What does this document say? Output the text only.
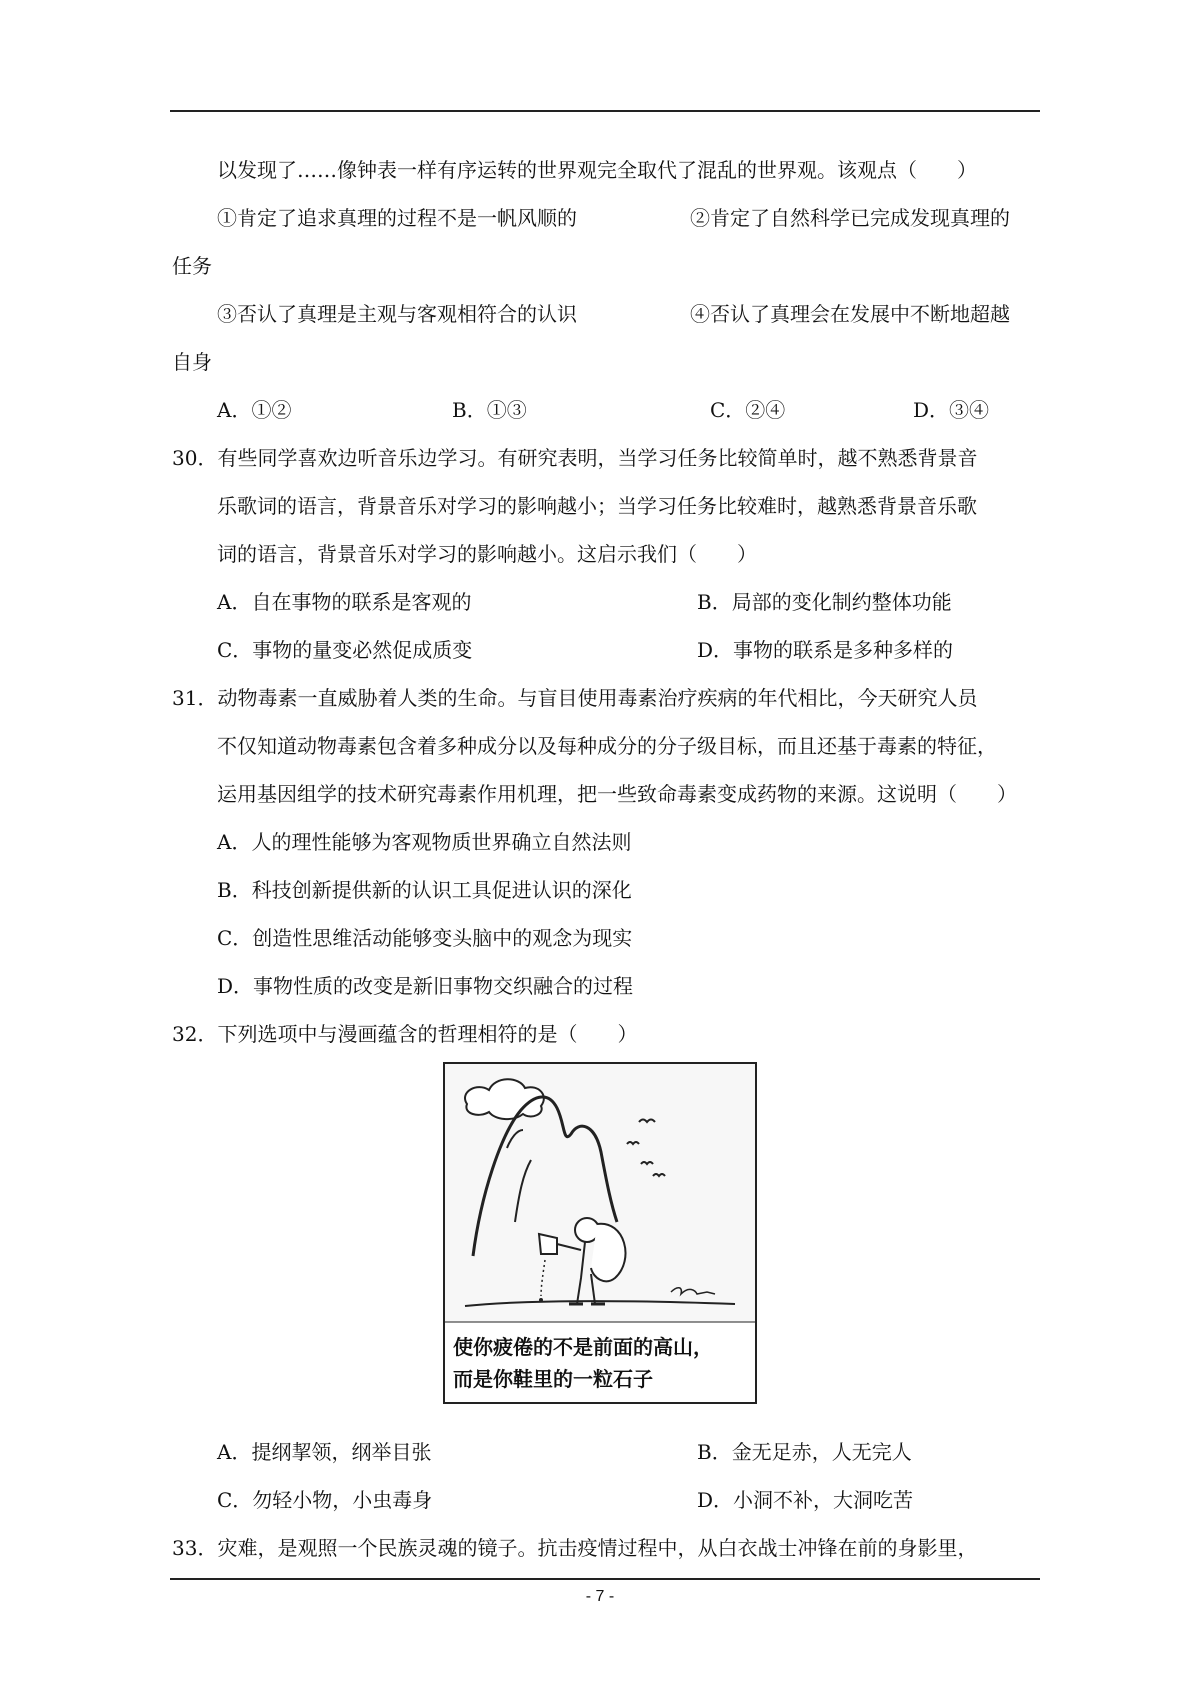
以发现了……像钟表一样有序运转的世界观完全取代了混乱的世界观。该观点（　　）
①肯定了追求真理的过程不是一帆风顺的	②肯定了自然科学已完成发现真理的
任务
③否认了真理是主观与客观相符合的认识	④否认了真理会在发展中不断地超越
自身
A．①②	B．①③	C．②④	D．③④
30．有些同学喜欢边听音乐边学习。有研究表明，当学习任务比较简单时，越不熟悉背景音
乐歌词的语言，背景音乐对学习的影响越小；当学习任务比较难时，越熟悉背景音乐歌
词的语言，背景音乐对学习的影响越小。这启示我们（　　）
A．自在事物的联系是客观的	B．局部的变化制约整体功能
C．事物的量变必然促成质变	D．事物的联系是多种多样的
31．动物毒素一直威胁着人类的生命。与盲目使用毒素治疗疾病的年代相比，今天研究人员
不仅知道动物毒素包含着多种成分以及每种成分的分子级目标，而且还基于毒素的特征，
运用基因组学的技术研究毒素作用机理，把一些致命毒素变成药物的来源。这说明（　　）
A．人的理性能够为客观物质世界确立自然法则
B．科技创新提供新的认识工具促进认识的深化
C．创造性思维活动能够变头脑中的观念为现实
D．事物性质的改变是新旧事物交织融合的过程
32．下列选项中与漫画蕴含的哲理相符的是（　　）
使你疲倦的不是前面的高山，
而是你鞋里的一粒石子
A．提纲挈领，纲举目张	B．金无足赤，人无完人
C．勿轻小物，小虫毒身	D．小洞不补，大洞吃苦
33．灾难，是观照一个民族灵魂的镜子。抗击疫情过程中，从白衣战士冲锋在前的身影里，
- 7 -
